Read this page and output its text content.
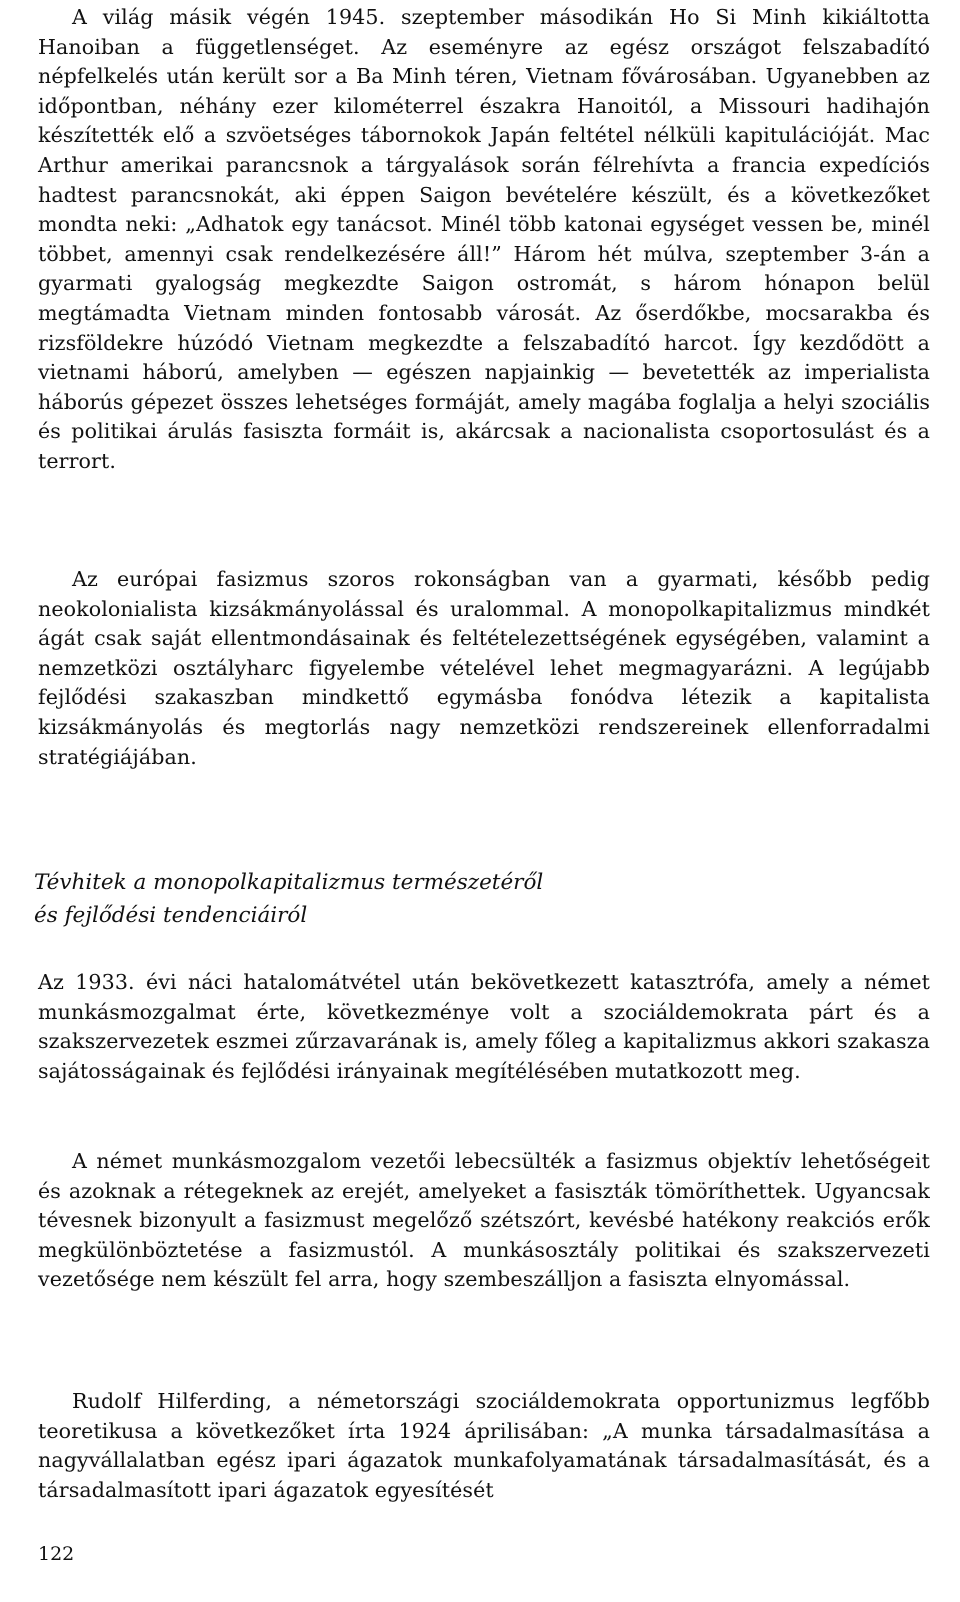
A világ másik végén 1945. szeptember másodikán Ho Si Minh kikiáltotta Hanoiban a függetlenséget. Az eseményre az egész országot felszabadító népfelkelés után került sor a Ba Minh téren, Vietnam fővárosában. Ugyanebben az időpontban, néhány ezer kilométerrel északra Hanoitól, a Missouri hadihajón készítették elő a szvöetséges tábornokok Japán feltétel nélküli kapitulációját. Mac Arthur amerikai parancsnok a tárgyalások során félrehívta a francia expedíciós hadtest parancsnokát, aki éppen Saigon bevételére készült, és a következőket mondta neki: „Adhatok egy tanácsot. Minél több katonai egységet vessen be, minél többet, amennyi csak rendelkezésére áll!” Három hét múlva, szeptember 3-án a gyarmati gyalogság megkezdte Saigon ostromát, s három hónapon belül megtámadta Vietnam minden fontosabb városát. Az őserdőkbe, mocsarakba és rizsföldekre húzódó Vietnam megkezdte a felszabadító harcot. Így kezdődött a vietnami háború, amelyben — egészen napjainkig — bevetették az imperialista háborús gépezet összes lehetséges formáját, amely magába foglalja a helyi szociális és politikai árulás fasiszta formáit is, akárcsak a nacionalista csoportosulást és a terrort.

Az európai fasizmus szoros rokonságban van a gyarmati, később pedig neokolonialista kizsákmányolással és uralommal. A monopolkapitalizmus mindkét ágát csak saját ellentmondásainak és feltételezettségének egységében, valamint a nemzetközi osztályharc figyelembe vételével lehet megmagyarázni. A legújabb fejlődési szakaszban mindkettő egymásba fonódva létezik a kapitalista kizsákmányolás és megtorlás nagy nemzetközi rendszereinek ellenforradalmi stratégiájában.

Tévhitek a monopolkapitalizmus természetéről
és fejlődési tendenciáiról

Az 1933. évi náci hatalomátvétel után bekövetkezett katasztrófa, amely a német munkásmozgalmat érte, következménye volt a szociáldemokrata párt és a szakszervezetek eszmei zűrzavarának is, amely főleg a kapitalizmus akkori szakasza sajátosságainak és fejlődési irányainak megítélésében mutatkozott meg.

A német munkásmozgalom vezetői lebecsülték a fasizmus objektív lehetőségeit és azoknak a rétegeknek az erejét, amelyeket a fasiszták tömöríthettek. Ugyancsak tévesnek bizonyult a fasizmust megelőző szétszórt, kevésbé hatékony reakciós erők megkülönböztetése a fasizmustól. A munkásosztály politikai és szakszervezeti vezetősége nem készült fel arra, hogy szembeszálljon a fasiszta elnyomással.

Rudolf Hilferding, a németországi szociáldemokrata opportunizmus legfőbb teoretikusa a következőket írta 1924 áprilisában: „A munka társadalmasítása a nagyvállalatban egész ipari ágazatok munkafolyamatának társadalmasítását, és a társadalmasított ipari ágazatok egyesítését

122
